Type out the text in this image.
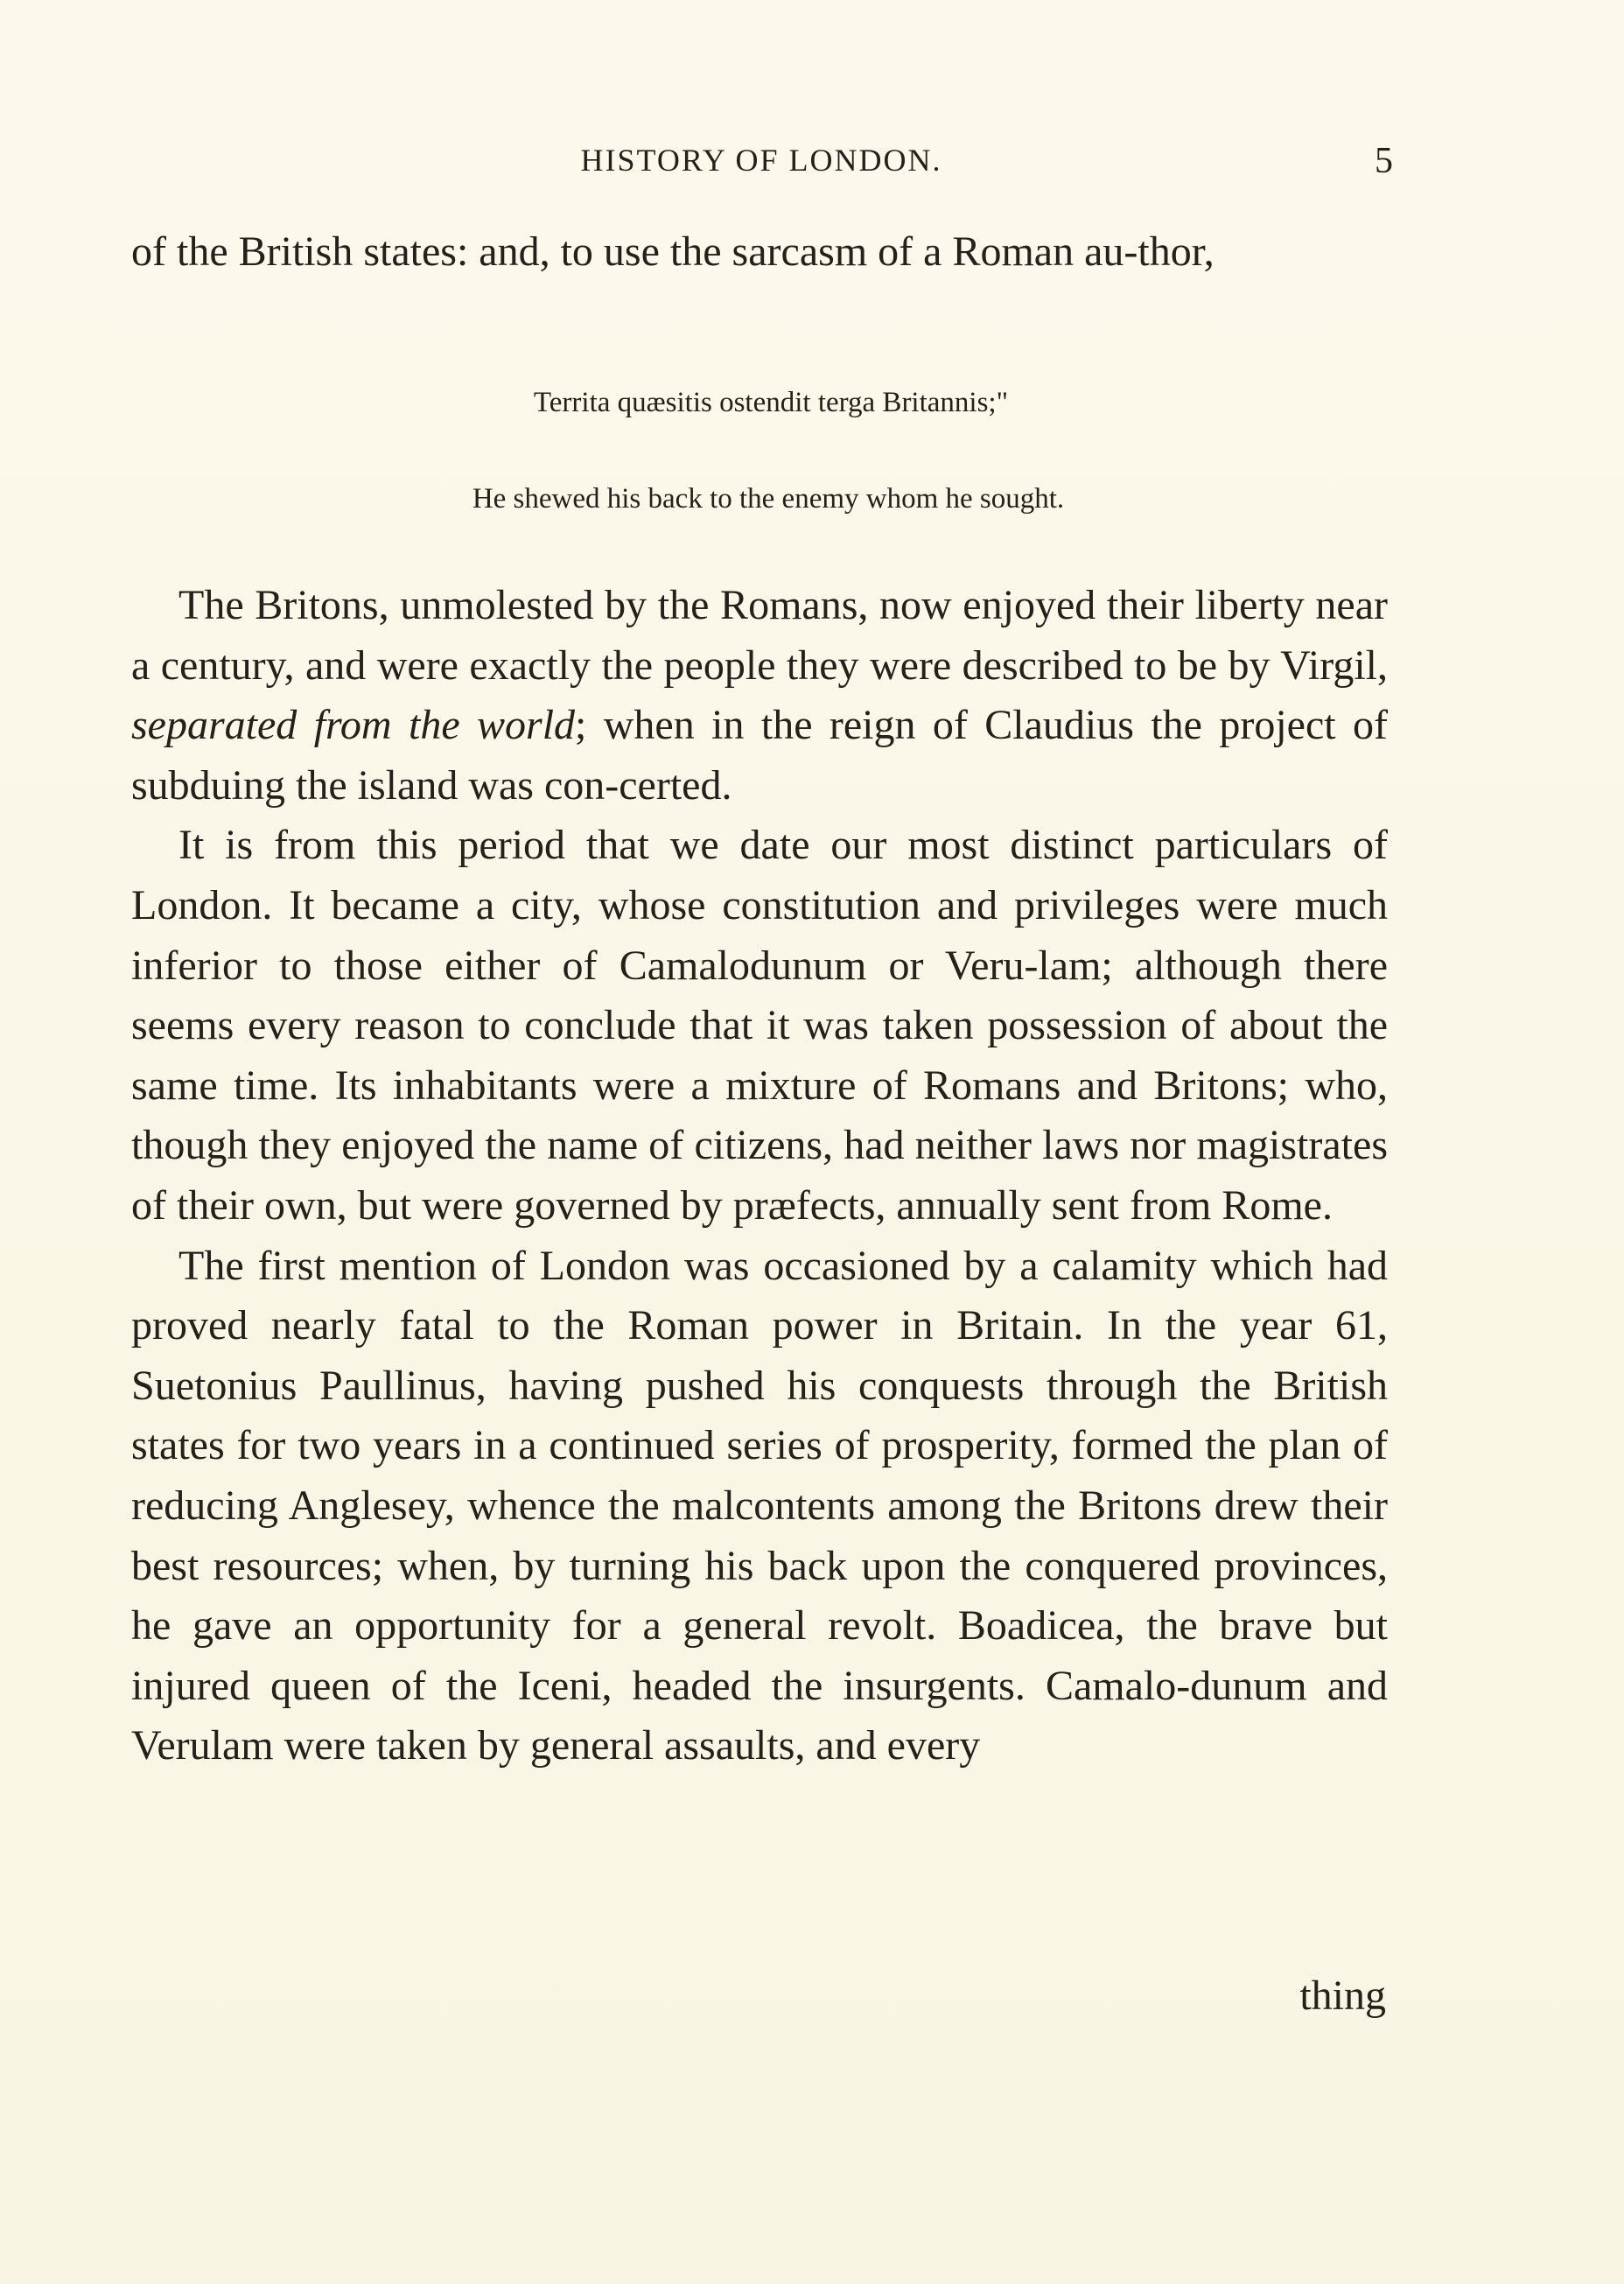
HISTORY OF LONDON.	5

of the British states: and, to use the sarcasm of a Roman au-thor,

Territa quæsitis ostendit terga Britannis;"

He shewed his back to the enemy whom he sought.

The Britons, unmolested by the Romans, now enjoyed their liberty near a century, and were exactly the people they were described to be by Virgil, separated from the world; when in the reign of Claudius the project of subduing the island was con-certed.

It is from this period that we date our most distinct particulars of London. It became a city, whose constitution and privileges were much inferior to those either of Camalodunum or Veru-lam; although there seems every reason to conclude that it was taken possession of about the same time. Its inhabitants were a mixture of Romans and Britons; who, though they enjoyed the name of citizens, had neither laws nor magistrates of their own, but were governed by præfects, annually sent from Rome.

The first mention of London was occasioned by a calamity which had proved nearly fatal to the Roman power in Britain. In the year 61, Suetonius Paullinus, having pushed his conquests through the British states for two years in a continued series of prosperity, formed the plan of reducing Anglesey, whence the malcontents among the Britons drew their best resources; when, by turning his back upon the conquered provinces, he gave an opportunity for a general revolt. Boadicea, the brave but injured queen of the Iceni, headed the insurgents. Camalo-dunum and Verulam were taken by general assaults, and every

thing
